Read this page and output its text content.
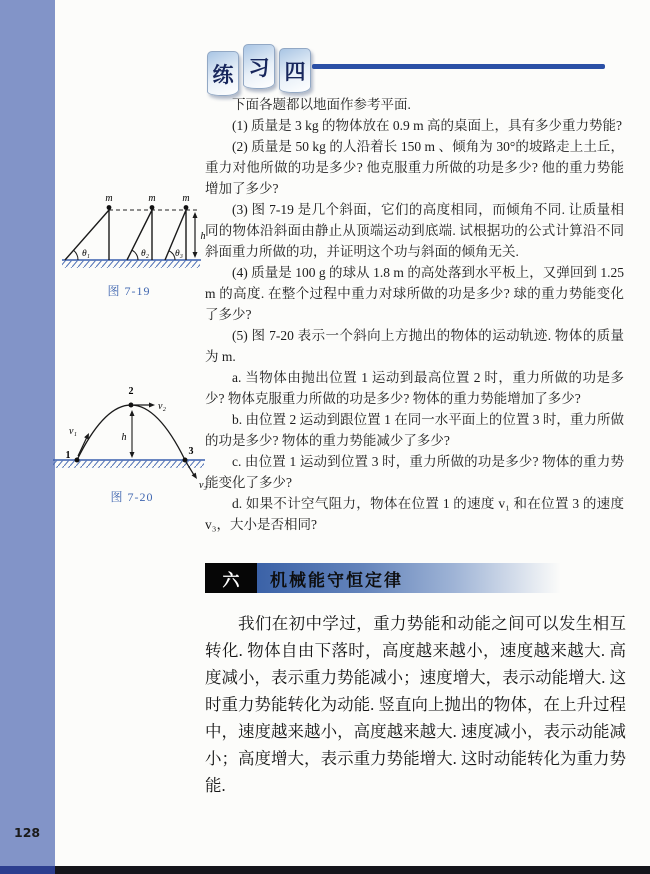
128
练 习 四

下面各题都以地面作参考平面.

(1) 质量是 3 kg 的物体放在 0.9 m 高的桌面上，具有多少重力势能?

(2) 质量是 50 kg 的人沿着长 150 m 、倾角为 30°的坡路走上土丘，重力对他所做的功是多少? 他克服重力所做的功是多少? 他的重力势能增加了多少?

(3) 图 7-19 是几个斜面，它们的高度相同，而倾角不同. 让质量相同的物体沿斜面由静止从顶端运动到底端. 试根据功的公式计算沿不同斜面重力所做的功，并证明这个功与斜面的倾角无关.

(4) 质量是 100 g 的球从 1.8 m 的高处落到水平板上，又弹回到 1.25 m 的高度. 在整个过程中重力对球所做的功是多少? 球的重力势能变化了多少?

(5) 图 7-20 表示一个斜向上方抛出的物体的运动轨迹. 物体的质量为 m.

a. 当物体由抛出位置 1 运动到最高位置 2 时，重力所做的功是多少? 物体克服重力所做的功是多少? 物体的重力势能增加了多少?

b. 由位置 2 运动到跟位置 1 在同一水平面上的位置 3 时，重力所做的功是多少? 物体的重力势能减少了多少?

c. 由位置 1 运动到位置 3 时，重力所做的功是多少? 物体的重力势能变化了多少?

d. 如果不计空气阻力，物体在位置 1 的速度 v₁ 和在位置 3 的速度 v₃，大小是否相同?

m	m	m
θ₁	θ₂	θ₃
h
图 7-19
h
1
2
3
v₁
v₂
v₃
图 7-20
六	机械能守恒定律

我们在初中学过，重力势能和动能之间可以发生相互转化. 物体自由下落时，高度越来越小，速度越来越大. 高度减小，表示重力势能减小；速度增大，表示动能增大. 这时重力势能转化为动能. 竖直向上抛出的物体，在上升过程中，速度越来越小，高度越来越大. 速度减小，表示动能减小；高度增大，表示重力势能增大. 这时动能转化为重力势能.
